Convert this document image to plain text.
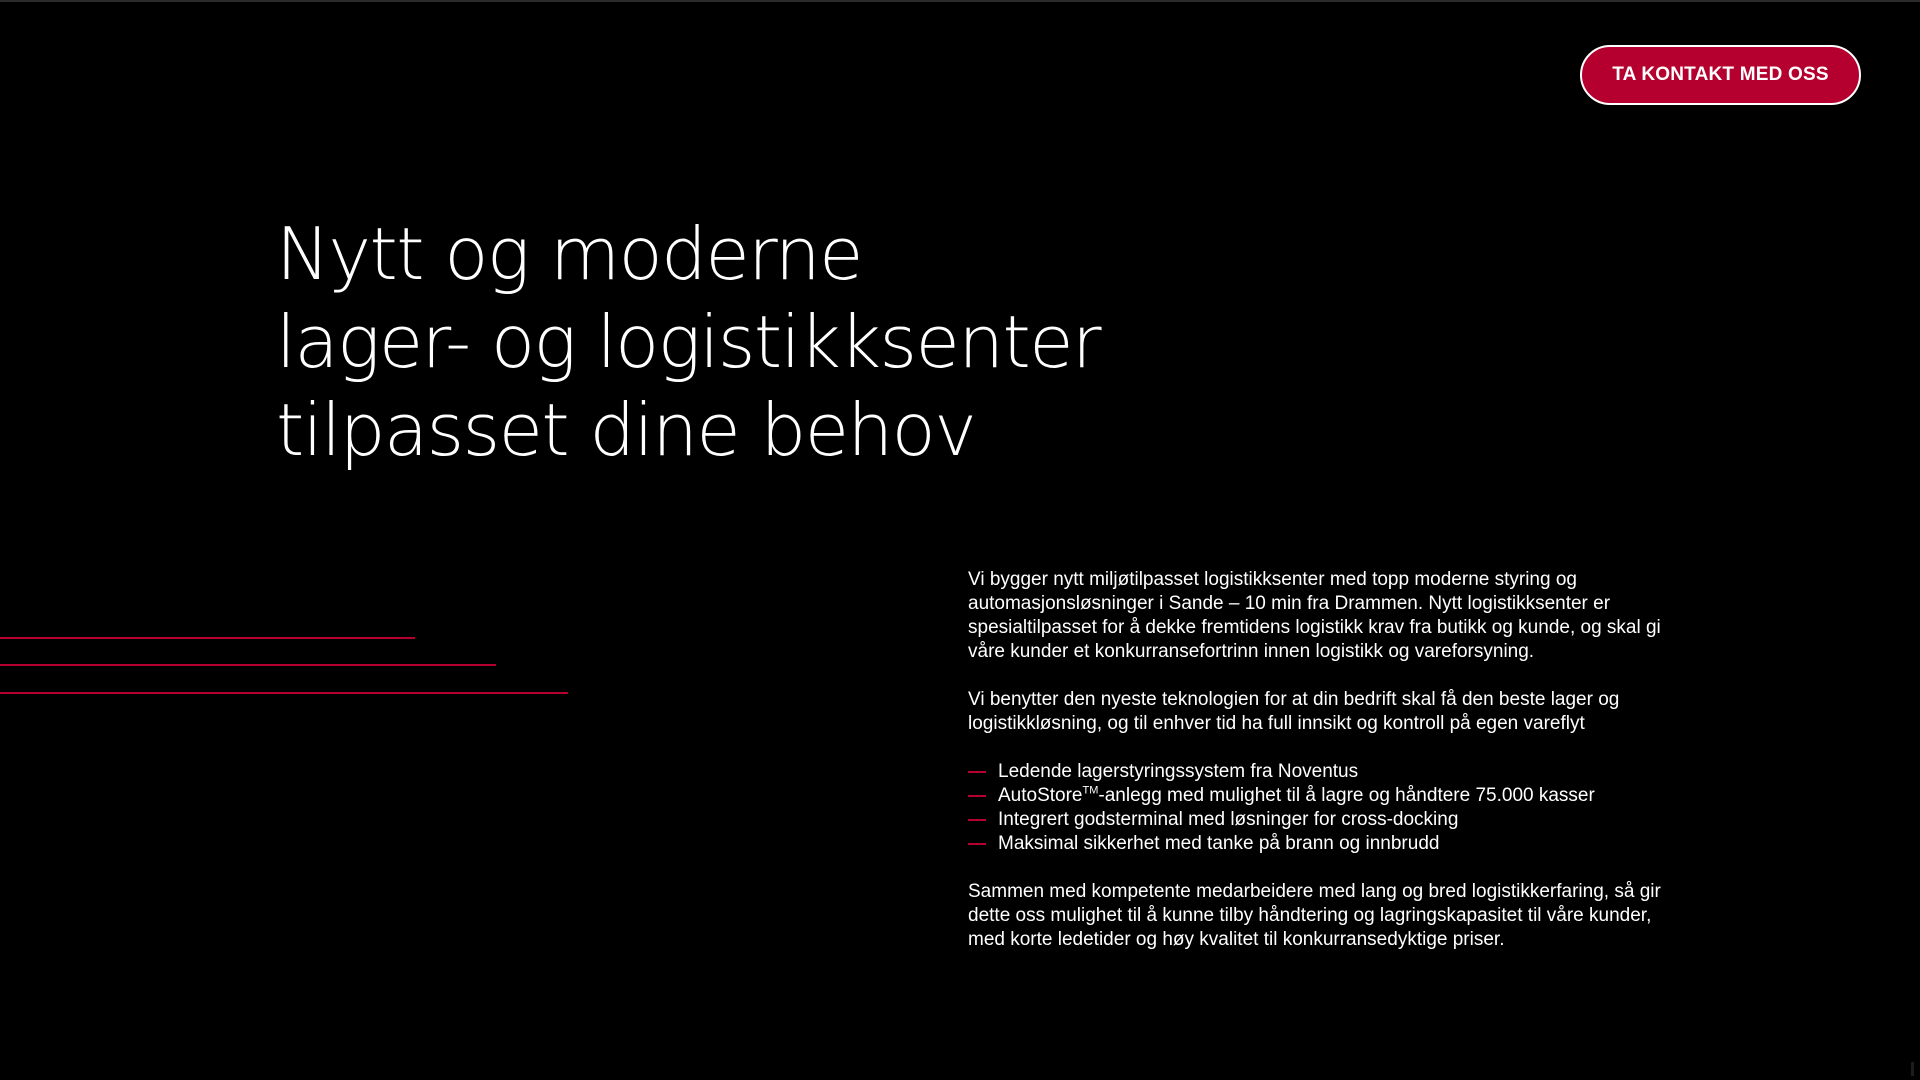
TA KONTAKT MED OSS
Nytt og moderne
lager- og logistikksenter
tilpasset dine behov

Vi bygger nytt miljøtilpasset logistikksenter med topp moderne styring og automasjonsløsninger i Sande – 10 min fra Drammen. Nytt logistikksenter er spesialtilpasset for å dekke fremtidens logistikk krav fra butikk og kunde, og skal gi våre kunder et konkurransefortrinn innen logistikk og vareforsyning.

Vi benytter den nyeste teknologien for at din bedrift skal få den beste lager og logistikkløsning, og til enhver tid ha full innsikt og kontroll på egen vareflyt

Ledende lagerstyringssystem fra Noventus
AutoStore™-anlegg med mulighet til å lagre og håndtere 75.000 kasser
Integrert godsterminal med løsninger for cross-docking
Maksimal sikkerhet med tanke på brann og innbrudd

Sammen med kompetente medarbeidere med lang og bred logistikkerfaring, så gir dette oss mulighet til å kunne tilby håndtering og lagringskapasitet til våre kunder, med korte ledetider og høy kvalitet til konkurransedyktige priser.
